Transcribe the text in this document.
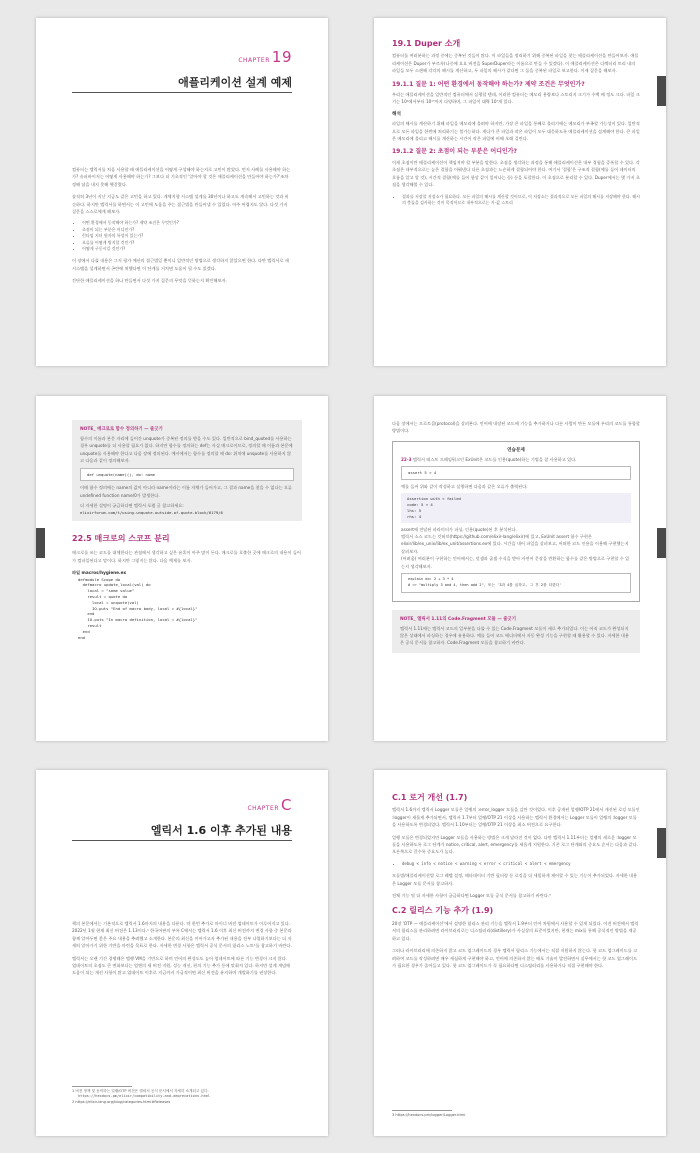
CHAPTER 19
애플리케이션 설계 예제

컴퓨터는 엘릭서를 처음 사용할 때 애플리케이션을 어떻게 구성해야 하는지로 고민이 많았다. 먼저 사례를 사용해야 하는가? 슈퍼바이저는 어떻게 사용해야 하는가? 그보다 더 기초적인 '알아야 할 것은 애플리케이션을 만들어야 하는가?'조차 정해 답을 내지 못해 헷갈렸다.

솔직히 3년이 지난 지금도 같은 고민을 하고 있다. 개체지향 시스템 설계를 30년이나 하고도 계속해서 고민하는 것과 비슷하다. 하지만 엘릭서를 하면서는 이 고민에 도움을 주는 접근법을 만들어낼 수 있었다. 아주 어렵지도 않다. 다섯 가지 질문을 스스로에게 해보자.

• 어떤 환경에서 동작해야 하는가? 제약 조건은 무엇인가?
• 초점이 되는 부분은 어디인가?
• 런타임 지터 원자의 특성이 있는가?
• 오류를 어떻게 방지할 것인가?
• 어떻게 구동시킬 것인가?

이 장에서 다룰 내용은 그저 평가 예산의 접근법일 뿐이니 일반적인 방법으로 생각하지 않았으면 한다. 다만 엘릭서로 새 시스템을 설계하면서 곤란에 처했다면 이 단계를 거치면 도움이 될 수도 있겠다.

간단한 애플리케이션을 하나 만들면서 다섯 가지 질문의 무엇을 뜻하는지 확인해보자.

19.1 Duper 소개

컴퓨터를 여러분하는 과정 중에는 중복된 것들이 많다. 이 파일들을 정리하기 위해 중복된 파일을 찾는 애플리케이션을 만들어보자. 애플리케이션은 Duper가 부르자(나중에 요요 버전을 SuperDuper라는 이름으로 만들 수 있겠다). 이 애플리케이션은 디렉터리 트리 내의 파일들 모두 스캔해 각각의 해시를 계산하고, 두 파일의 해시가 같다면 그 둘을 중복된 파일로 보고한다. 이제 질문을 해보자.

19.1.1 질문 1: 어떤 환경에서 동작해야 하는가? 제약 조건은 무엇인가?

우리는 애플리케이션을 일반적인 컴퓨터에서 실행할 텐데, 이러한 컴퓨터는 메모리 용량보다 스토리지 크기가 수백 배 정도 크다. 파일 크기는 10¹에서부터 10¹⁰까지 다양하며, 그 파일이 대략 10⁷개 있다.

해석

파일의 해시를 계산하기 위해 파일을 메모리에 올려야 하지만, 가장 큰 파일을 통째로 올리기에는 메모리가 부족할 가능성이 있다. 일반적으로 모든 파일을 한번에 처리하기는 불가능하다. 게다가 큰 파일과 작은 파일이 모두 대응하도록 애플리케이션을 설계해야 한다. 큰 파일은 메모리에 올리고 해시를 계산하는 시간이 작은 파일에 비해 오래 걸린다.

19.1.2 질문 2: 초점이 되는 부분은 어디인가?

이제 초점이란 애플리케이션이 책임져야 할 부분을 말한다. 초점을 생각하는 과정을 통해 애플리케이션은 내부 경험을 증폭할 수 있다. 각 초점은 내부적으로는 높은 결합을 이뤄낸다 다른 초점과는 느슨하게 결합되어야 한다. 여기서 '결합'은 구조적 결합(예를 들어 데이터의 흐름을 알고 알 것), 시간적 결합(예를 들어 항상 같이 일어나는 등) 등을 포괄한다. 이 초점으로 분리할 수 있다. Duper에서는 몇 가지 초점을 생각해볼 수 있다.

• 결과를 저장할 저장소가 필요하다. 모든 파일의 해시를 계산할 것이므로, 이 저장소는 결과적으로 모든 파일의 해시를 저장해야 한다. 해시의 충돌을 검사하는 것이 목적이므로 내부적으로는 키-값 스토리
NOTE_ 매크로로 함수 정의하기 — 줄긋기
함수의 이름과 본문 자리에 들어간 unquote가 중복된 정의를 받을 수도 있다. 일반적으로 bind_quoted를 사용하는 경우 unquote를 더 사용할 필요가 없다. 하지만 함수를 정의하는 def는 사실 매크로이므로, 정의할 때 이름과 본문에 unquote를 사용해야 한다고 다음 장에 정의된다. 예시에서는 함수를 정의할 때 do: 위치에 unquote를 사용하지 않고 다음과 같이 정의해보자.
def unquote(name)(), do: nome
이때 함수 정의에는 name의 값이 아니라 name이라는 이름 자체가 들어가고, 그 결과 name을 찾을 수 없다는 오류undefined function name/0가 발생한다.
더 자세한 설명이 궁금하다면 엘릭서 포럼 글 참고하세요:
elixirforum.com/t/using-unquote-outside-of-quote-block/6179/6
22.5 매크로의 스코프 분리

매크로를 쓰는 코드를 대체한다는 관점에서 생각하고 싶은 유혹이 아주 많이 든다. 매크로를 호출한 곳에 매크로의 내용이 들어가 컴파일된다고 말이다. 하지만 그렇지는 않다. 다음 예제를 보자.

파일 macros/hygiene.ex
defmodule Scope do
defmacro update_local(val) do
local = "some value"
result = quote do
local = unquote(val)
IO.puts "End of macro body, local = #{local}"
end
IO.puts "In macro definition, local = #{local}"
result
end
end

다음 장에서는 프로토콜(protocol)을 살펴본다. 언어에 내장된 코드에 기능을 추가하거나 다른 사람이 만든 모듈에 우리의 코드를 통합할 방법이다.

연습문제
22-3 엘릭서 테스트 프레임워크인 ExUnit은 코드를 인용(quote)하는 기법을 잘 사용하고 있다.
assert 5 < 4
예를 들어 위와 같이 작성하고 실행하면 다음과 같은 오류가 출력된다.
Assertion with < failed
code: 5 < 4
lhs: 5
rhs: 4
assert에 전달된 파라미터가 파싱, 인용(quote)된 후 분석된다.
엘릭서 소스 코드는 깃허브(https://github.com/elixir-lang/elixir)에 있고, ExUnit assert 함수 구현은 elixir/lib/ex_unix/lib/ex_unit/assertions.ex에 있다. 시간을 내어 파일을 살펴보고, 어떠한 코드 인용을 이용해 구현했는지 살펴보자.
(어려움) 여러분이 구현하는 언어에서는, 덧셈과 곱셈 수식을 받아 자연어 문장을 반환하는 함수를 같은 방법으로 구현할 수 있는지 생각해보자.
explain do: 2 + 3 * 4
# => "multiply 3 and 4, then add 2", 또는 '3과 4를 곱하고, 그 후 2를 더한다'
NOTE_ 엘릭서 1.11의 Code.Fragment 모듈 — 줄긋기
엘릭서 1.11에는 엘릭서 코드의 일부분을 다룰 수 있는 Code.Fragment 모듈이 새로 추가되었다. 이는 아직 코드가 완성되지 않은 상태에서 파싱하는 경우에 유용하다. 예를 들어 코드 에디터에서 자동 완성 기능을 구현할 때 활용할 수 있다. 자세한 내용은 공식 문서를 참고하자. Code.Fragment 모듈을 참고하기 바란다.
CHAPTER C
엘릭서 1.6 이후 추가된 내용

책의 본문에서는 기본적으로 엘릭서 1.6까지의 내용을 다룬다. 약 한번 추가로 마이너 버전 업데이트가 이루어지고 있다. 2022년 1월 현재 최신 버전은 1.13이다.¹ 한국어판의 부록 C에서는 엘릭서 1.6 이후 최신 버전까지 변경 사항 중 본문과 함께 알아두면 좋은 주요 내용을 추려했고 소개한다. 본문의 최신을 이어가고자 추가된 내용을 전부 나열하기보다는 더 자세히 알아가기 위한 기반을 마련을 목표로 한다. 자세한 변경 사항은 엘릭서 공식 문서의 릴리스 노트²를 참고하기 바란다.

엘릭서는 오랜 기간 경쟁해온 엘랭 VM을 기반으로 하며 언어의 완성도도 높아 엄데이트에 따른 기능 변경이 크지 않다. 업데이트의 초점도 큰 변화보다는 엄앤의 새 버전 지원, 성능 개선, 편의 기능 추가 등에 맞춰져 있다. 하지만 설계 개념에 도움이 되는 개선 사항이 많고 업데이트 이후로 지금까지 가급적이면 최신 버전을 유지하며 개발하기를 권장한다.

1 버전 정책 및 동작하는 얼랭/OTP 버전은 엘릭서 공식 문서에서 자세히 소개되고 있다.
https://hexdocs.pm/elixir/compatibility-and-deprecations.html
2 https://elixir-lang.org/blog/categories.html#Releases
C.1 로거 개선 (1.7)

엘릭서 1.6까지 엘릭서 Logger 모듈은 얼랭의 :error_logger 모듈을 감싼 것이었다. 이후 공개된 얼랭/OTP 21에서 개선된 로깅 모듈인 :logger이 새롭게 추가되면서, 엘릭서 1.7부터 얼랭/OTP 21 이상을 사용하는 엘릭서 환경에서는 Logger 모듈이 얼랭의 :logger 모듈을 사용하도록 변경되었다. 엘릭서 1.10부터는 얼랭/OTP 21 이상을 최소 버전으로 요구한다.

얼랭 모듈은 변경되었지만 Logger 모듈을 사용하는 방법은 크게 달라진 것이 없다. 다만 엘릭서 1.11부터는 얼랭의 새로운 :logger 모듈을 사용하도록 로그 단계가 notice, critical, alert, emergency를 새롭게 지원한다. 기존 로그 단계와의 중요도 순서는 다음과 같다. 오른쪽으로 갈수록 중요도가 높다.

• debug < info < notice < warning < error < critical < alert < emergency

모듈별/애플리케이션별 로그 레벨 설정, 메타데이터 기반 필터링 등 로깅을 더 세밀하게 제어할 수 있는 기능이 추가되었다. 자세한 내용은 Logger 모듈 문서를 참고하자.

전체 기능 및 더 자세한 사항이 궁금하다면 Logger 모듈 공식 문서를 참고하기 바란다.³

C.2 릴리스 기능 추가 (1.9)

20장 'OTP — 애플리케이션'에서 설명한 릴리스 관리 기능을 엘릭서 1.9부터 언어 차원에서 사용할 수 있게 되었다. 이전 버전에서 엘릭서의 릴리스를 관리하려면 라이브러리로는 디스틸러리(distillery)가 사실상의 표준이었지만, 현재는 mix를 통해 공식적인 방법을 제공하고 있다.

그러나 라이브러리에 의존하지 않고 코드 업그레이드의 경우 엘릭서 릴리스 기능에서는 직접 지원하지 않는다. 핫 코드 업그레이드를 고려하여 코드를 작성하려면 매우 세심하게 구현해야 하고, 언어에 의존하지 않는 배포 기술이 발전하면서 실무에서는 핫 코드 업그레이드가 필요한 경우가 줄어들고 있다. 핫 코드 업그레이드가 꼭 필요하다면 디스틸러리를 사용하거나 직접 구현해야 한다.

3 https://hexdocs.pm/logger/Logger.html
